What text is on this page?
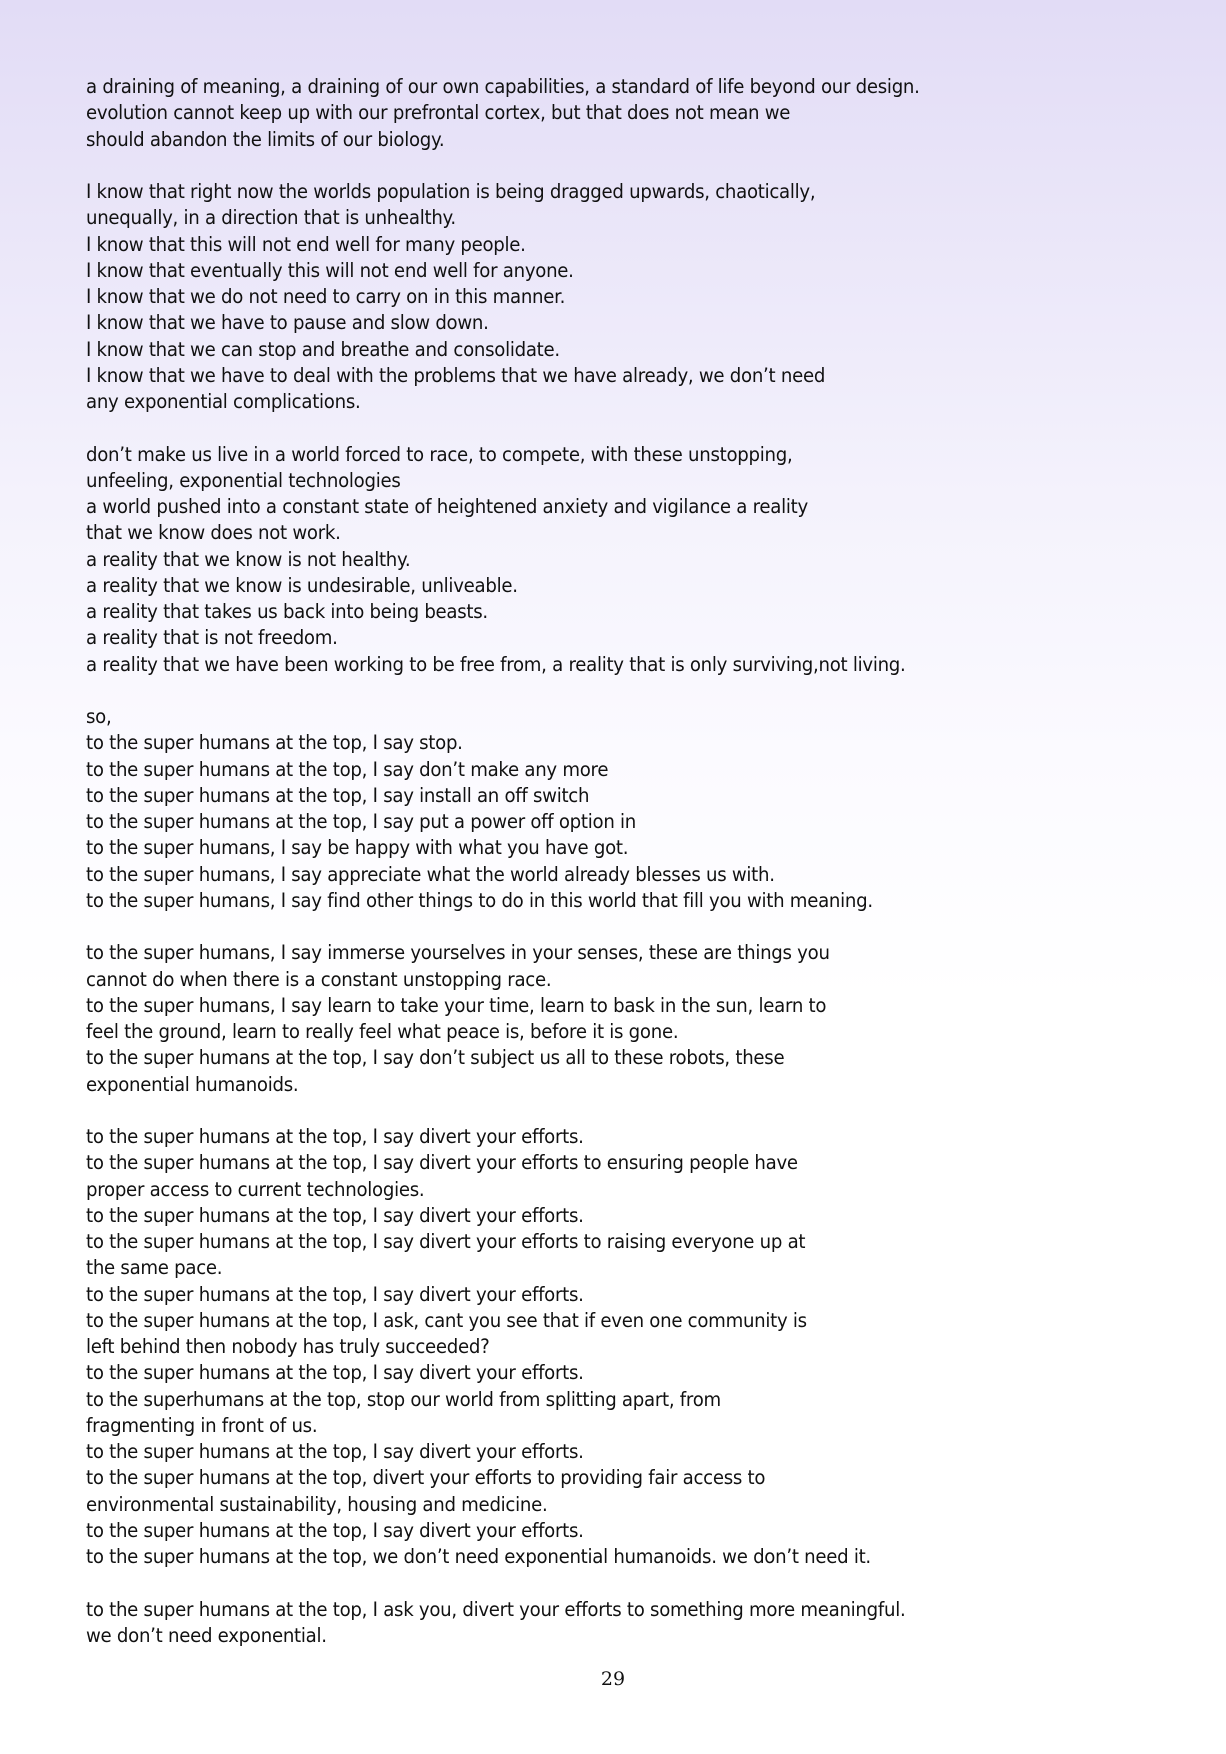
a draining of meaning, a draining of our own capabilities, a standard of life beyond our design.
evolution cannot keep up with our prefrontal cortex, but that does not mean we
should abandon the limits of our biology.
I know that right now the worlds population is being dragged upwards, chaotically,
unequally, in a direction that is unhealthy.
I know that this will not end well for many people.
I know that eventually this will not end well for anyone.
I know that we do not need to carry on in this manner.
I know that we have to pause and slow down.
I know that we can stop and breathe and consolidate.
I know that we have to deal with the problems that we have already, we don’t need
any exponential complications.
don’t make us live in a world forced to race, to compete, with these unstopping,
unfeeling, exponential technologies
a world pushed into a constant state of heightened anxiety and vigilance a reality
that we know does not work.
a reality that we know is not healthy.
a reality that we know is undesirable, unliveable.
a reality that takes us back into being beasts.
a reality that is not freedom.
a reality that we have been working to be free from, a reality that is only surviving,not living.
so,
to the super humans at the top, I say stop.
to the super humans at the top, I say don’t make any more
to the super humans at the top, I say install an off switch
to the super humans at the top, I say put a power off option in
to the super humans, I say be happy with what you have got.
to the super humans, I say appreciate what the world already blesses us with.
to the super humans, I say find other things to do in this world that fill you with meaning.
to the super humans, I say immerse yourselves in your senses, these are things you
cannot do when there is a constant unstopping race.
to the super humans, I say learn to take your time, learn to bask in the sun, learn to
feel the ground, learn to really feel what peace is, before it is gone.
to the super humans at the top, I say don’t subject us all to these robots, these
exponential humanoids.
to the super humans at the top, I say divert your efforts.
to the super humans at the top, I say divert your efforts to ensuring people have
proper access to current technologies.
to the super humans at the top, I say divert your efforts.
to the super humans at the top, I say divert your efforts to raising everyone up at
the same pace.
to the super humans at the top, I say divert your efforts.
to the super humans at the top, I ask, cant you see that if even one community is
left behind then nobody has truly succeeded?
to the super humans at the top, I say divert your efforts.
to the superhumans at the top, stop our world from splitting apart, from
fragmenting in front of us.
to the super humans at the top, I say divert your efforts.
to the super humans at the top, divert your efforts to providing fair access to
environmental sustainability, housing and medicine.
to the super humans at the top, I say divert your efforts.
to the super humans at the top, we don’t need exponential humanoids. we don’t need it.
to the super humans at the top, I ask you, divert your efforts to something more meaningful.
we don’t need exponential.
29
